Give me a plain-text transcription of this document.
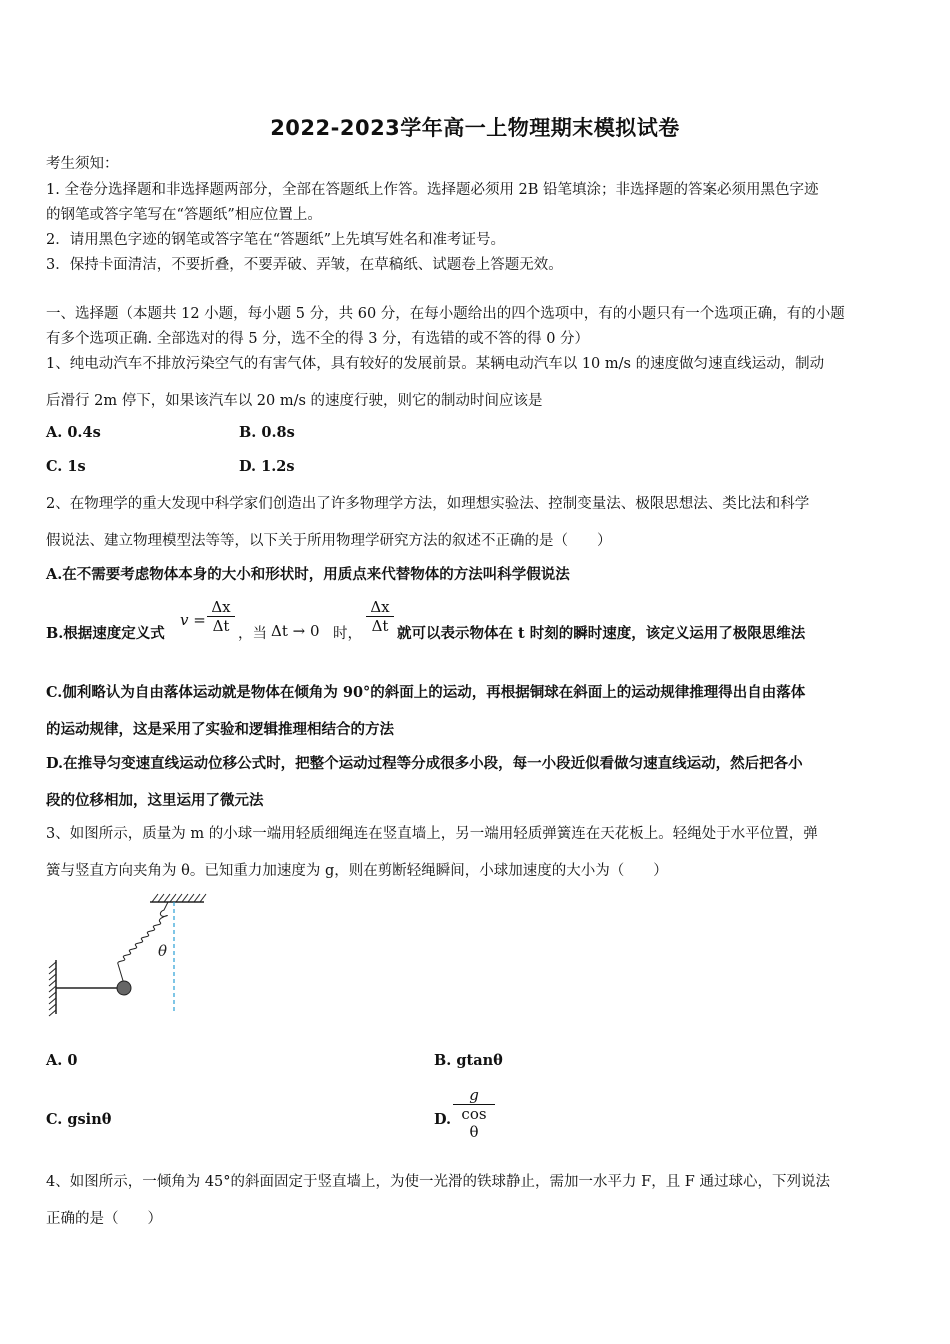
2022-2023学年高一上物理期末模拟试卷
考生须知：
1. 全卷分选择题和非选择题两部分，全部在答题纸上作答。选择题必须用 2B 铅笔填涂；非选择题的答案必须用黑色字迹
的钢笔或答字笔写在“答题纸”相应位置上。
2．请用黑色字迹的钢笔或答字笔在“答题纸”上先填写姓名和准考证号。
3．保持卡面清洁，不要折叠，不要弄破、弄皱，在草稿纸、试题卷上答题无效。
一、选择题（本题共 12 小题，每小题 5 分，共 60 分，在每小题给出的四个选项中，有的小题只有一个选项正确，有的小题
有多个选项正确. 全部选对的得 5 分，选不全的得 3 分，有选错的或不答的得 0 分）
1、纯电动汽车不排放污染空气的有害气体，具有较好的发展前景。某辆电动汽车以 10 m/s 的速度做匀速直线运动，制动
后滑行 2m 停下，如果该汽车以 20 m/s 的速度行驶，则它的制动时间应该是
A. 0.4s	B. 0.8s
C. 1s	D. 1.2s
2、在物理学的重大发现中科学家们创造出了许多物理学方法，如理想实验法、控制变量法、极限思想法、类比法和科学
假说法、建立物理模型法等等，以下关于所用物理学研究方法的叙述不正确的是（　　）
A.在不需要考虑物体本身的大小和形状时，用质点来代替物体的方法叫科学假说法
B.根据速度定义式
v =
Δx
Δt ，当 Δt → 0 时，
Δx
Δt 就可以表示物体在 t 时刻的瞬时速度，该定义运用了极限思维法
C.伽利略认为自由落体运动就是物体在倾角为 90°的斜面上的运动，再根据铜球在斜面上的运动规律推理得出自由落体
的运动规律，这是采用了实验和逻辑推理相结合的方法
D.在推导匀变速直线运动位移公式时，把整个运动过程等分成很多小段，每一小段近似看做匀速直线运动，然后把各小
段的位移相加，这里运用了微元法
3、如图所示，质量为 m 的小球一端用轻质细绳连在竖直墙上，另一端用轻质弹簧连在天花板上。轻绳处于水平位置，弹
簧与竖直方向夹角为 θ。已知重力加速度为 g，则在剪断轻绳瞬间，小球加速度的大小为（　　）
θ
A. 0	B. gtanθ
C. gsinθ	D.
g
cos θ
4、如图所示，一倾角为 45°的斜面固定于竖直墙上，为使一光滑的铁球静止，需加一水平力 F，且 F 通过球心，下列说法
正确的是（　　）
